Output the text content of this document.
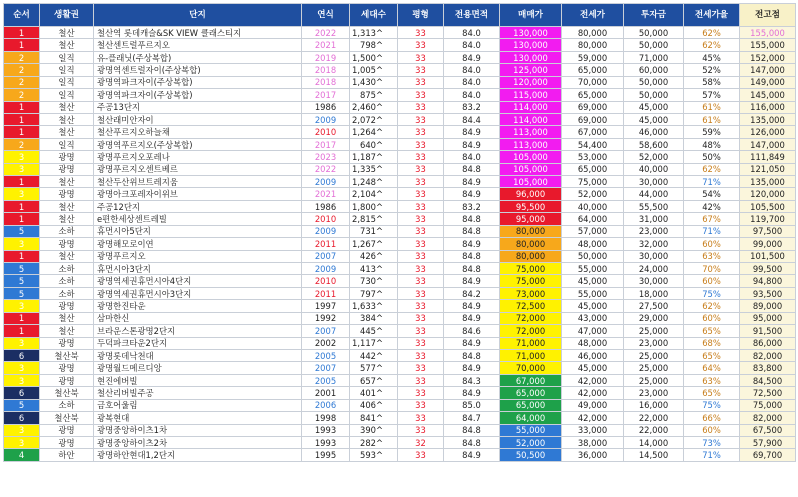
순서	생활권	단지	연식	세대수	평형	전용면적	매매가	전세가	투자금	전세가율	전고점
1	철산	철산역 롯데캐슬&SK VIEW 클래스티지	2022	1,313^	33	84.0	130,000	80,000	50,000	62%	155,000
1	철산	철산센트럴푸르지오	2021	798^	33	84.0	130,000	80,000	50,000	62%	155,000
2	일직	유-플래닛(주상복합)	2019	1,500^	33	84.9	130,000	59,000	71,000	45%	152,000
2	일직	광명역센트럴자이(주상복합)	2018	1,005^	33	84.0	125,000	65,000	60,000	52%	147,000
2	일직	광명역파크자이(주상복합)	2018	1,430^	33	84.0	120,000	70,000	50,000	58%	149,000
2	일직	광명역파크자이(주상복합)	2017	875^	33	84.0	115,000	65,000	50,000	57%	145,000
1	철산	주공13단지	1986	2,460^	33	83.2	114,000	69,000	45,000	61%	116,000
1	철산	철산래미안자이	2009	2,072^	33	84.4	114,000	69,000	45,000	61%	135,000
1	철산	철산푸르지오하늘채	2010	1,264^	33	84.9	113,000	67,000	46,000	59%	126,000
2	일직	광명역푸르지오(주상복합)	2017	640^	33	84.9	113,000	54,400	58,600	48%	147,000
3	광명	광명푸르지오포레나	2023	1,187^	33	84.0	105,000	53,000	52,000	50%	111,849
3	광명	광명푸르지오센트베르	2022	1,335^	33	84.8	105,000	65,000	40,000	62%	121,050
1	철산	철산두산위브트레지움	2009	1,248^	33	84.9	105,000	75,000	30,000	71%	135,000
3	광명	광명아크포레자이위브	2021	2,104^	33	84.9	96,000	52,000	44,000	54%	120,000
1	철산	주공12단지	1986	1,800^	33	83.2	95,500	40,000	55,500	42%	105,500
1	철산	e편한세상센트레빌	2010	2,815^	33	84.8	95,000	64,000	31,000	67%	119,700
5	소하	휴먼시아5단지	2009	731^	33	84.8	80,000	57,000	23,000	71%	97,500
3	광명	광명해모로이연	2011	1,267^	33	84.9	80,000	48,000	32,000	60%	99,000
1	철산	광명푸르지오	2007	426^	33	84.8	80,000	50,000	30,000	63%	101,500
5	소하	휴먼시아3단지	2009	413^	33	84.8	75,000	55,000	24,000	70%	99,500
5	소하	광명역세권휴먼시아4단지	2010	730^	33	84.9	75,000	45,000	30,000	60%	94,800
5	소하	광명역세권휴먼시아3단지	2011	797^	33	84.2	73,000	55,000	18,000	75%	93,500
3	광명	광명한진타운	1997	1,633^	33	84.9	72,500	45,000	27,500	62%	89,000
1	철산	삼마한신	1992	384^	33	84.9	72,000	43,000	29,000	60%	95,000
1	철산	브라운스톤광명2단지	2007	445^	33	84.6	72,000	47,000	25,000	65%	91,500
3	광명	두덕파크타운2단지	2002	1,117^	33	84.9	71,000	48,000	23,000	68%	86,000
6	철산북	광명롯데낙천대	2005	442^	33	84.8	71,000	46,000	25,000	65%	82,000
3	광명	광명월드메르디앙	2007	577^	33	84.9	70,000	45,000	25,000	64%	83,800
3	광명	현진에버빌	2005	657^	33	84.3	67,000	42,000	25,000	63%	84,500
6	철산북	철산리버빌주공	2001	401^	33	84.9	65,000	42,000	23,000	65%	72,500
5	소하	금호어울림	2006	406^	33	85.0	65,000	49,000	16,000	75%	75,000
6	철산북	광복현대	1998	841^	33	84.7	64,000	42,000	22,000	66%	82,000
3	광명	광명중앙하이츠1차	1993	390^	33	84.8	55,000	33,000	22,000	60%	67,500
3	광명	광명중앙하이츠2차	1993	282^	32	84.8	52,000	38,000	14,000	73%	57,900
4	하안	광명하안현대1,2단지	1995	593^	33	84.9	50,500	36,000	14,500	71%	69,700
